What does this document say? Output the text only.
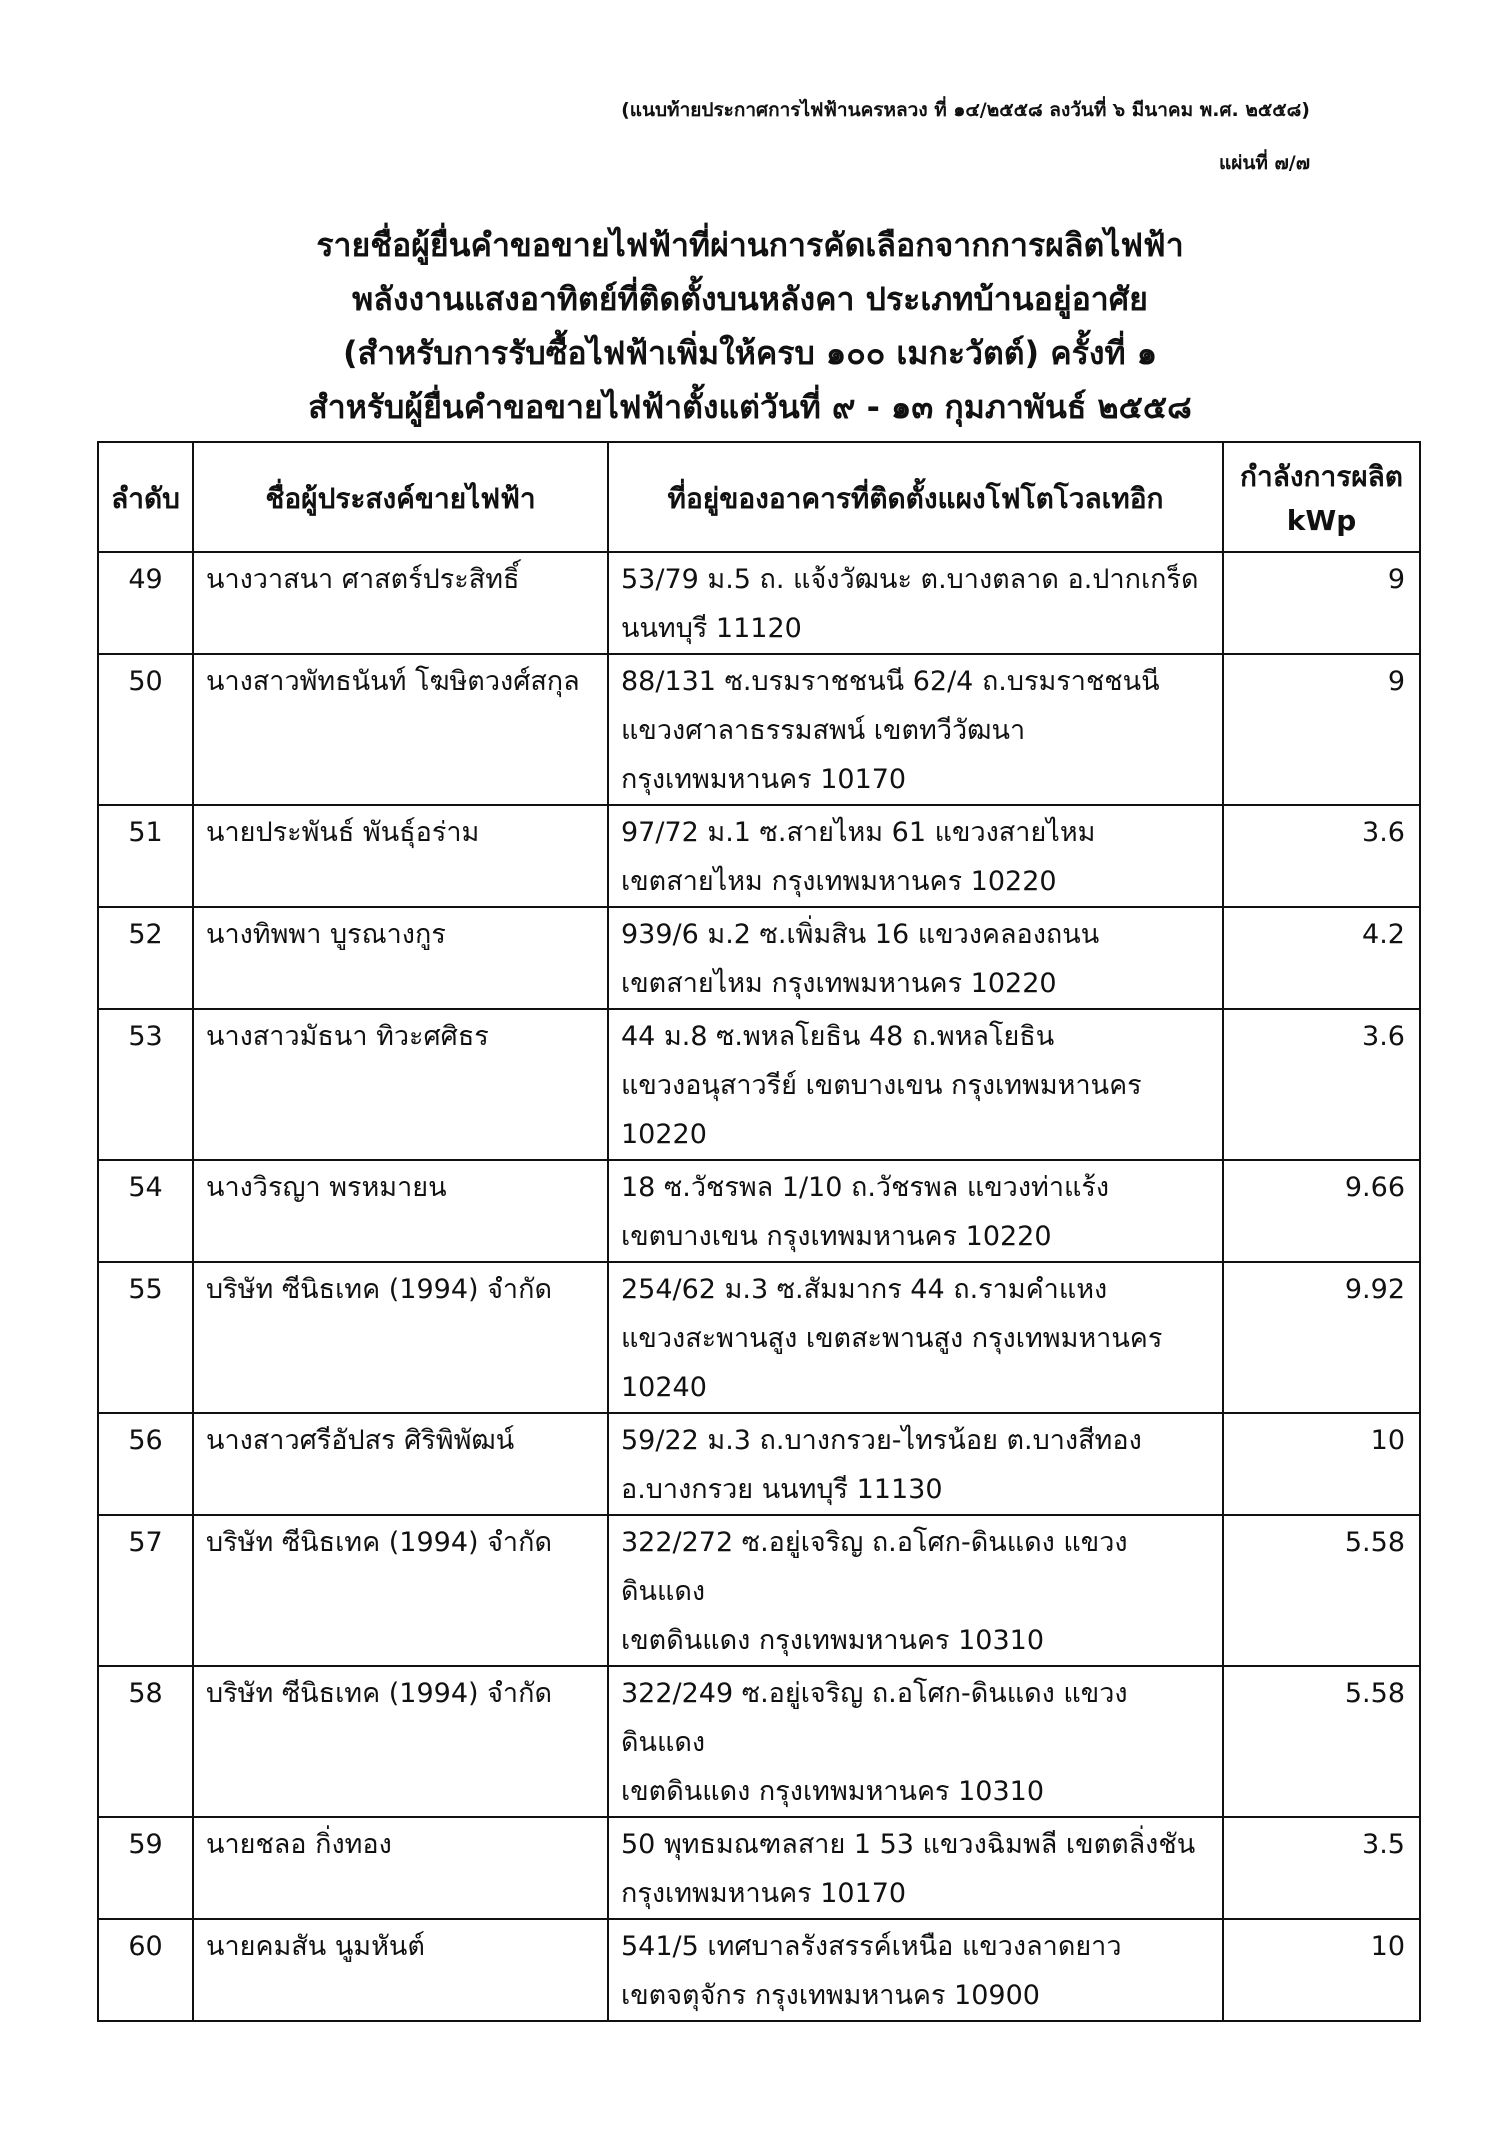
(แนบท้ายประกาศการไฟฟ้านครหลวง ที่ ๑๔/๒๕๕๘ ลงวันที่ ๖ มีนาคม พ.ศ. ๒๕๕๘)
แผ่นที่ ๗/๗
รายชื่อผู้ยื่นคำขอขายไฟฟ้าที่ผ่านการคัดเลือกจากการผลิตไฟฟ้า
พลังงานแสงอาทิตย์ที่ติดตั้งบนหลังคา ประเภทบ้านอยู่อาศัย
(สำหรับการรับซื้อไฟฟ้าเพิ่มให้ครบ ๑๐๐ เมกะวัตต์) ครั้งที่ ๑
สำหรับผู้ยื่นคำขอขายไฟฟ้าตั้งแต่วันที่ ๙ - ๑๓ กุมภาพันธ์ ๒๕๕๘
ลำดับ	ชื่อผู้ประสงค์ขายไฟฟ้า	ที่อยู่ของอาคารที่ติดตั้งแผงโฟโตโวลเทอิก	กำลังการผลิต
kWp

49	นางวาสนา ศาสตร์ประสิทธิ์	53/79 ม.5 ถ. แจ้งวัฒนะ ต.บางตลาด อ.ปากเกร็ด
นนทบุรี 11120	9
50	นางสาวพัทธนันท์ โฆษิตวงศ์สกุล	88/131 ซ.บรมราชชนนี 62/4 ถ.บรมราชชนนี
แขวงศาลาธรรมสพน์ เขตทวีวัฒนา
กรุงเทพมหานคร 10170	9
51	นายประพันธ์ พันธุ์อร่าม	97/72 ม.1 ซ.สายไหม 61 แขวงสายไหม
เขตสายไหม กรุงเทพมหานคร 10220	3.6
52	นางทิพพา บูรณางกูร	939/6 ม.2 ซ.เพิ่มสิน 16 แขวงคลองถนน
เขตสายไหม กรุงเทพมหานคร 10220	4.2
53	นางสาวมัธนา ทิวะศศิธร	44 ม.8 ซ.พหลโยธิน 48 ถ.พหลโยธิน
แขวงอนุสาวรีย์ เขตบางเขน กรุงเทพมหานคร
10220	3.6
54	นางวิรญา พรหมายน	18 ซ.วัชรพล 1/10 ถ.วัชรพล แขวงท่าแร้ง
เขตบางเขน กรุงเทพมหานคร 10220	9.66
55	บริษัท ซีนิธเทค (1994) จำกัด	254/62 ม.3 ซ.สัมมากร 44 ถ.รามคำแหง
แขวงสะพานสูง เขตสะพานสูง กรุงเทพมหานคร
10240	9.92
56	นางสาวศรีอัปสร ศิริพิพัฒน์	59/22 ม.3 ถ.บางกรวย-ไทรน้อย ต.บางสีทอง
อ.บางกรวย นนทบุรี 11130	10
57	บริษัท ซีนิธเทค (1994) จำกัด	322/272 ซ.อยู่เจริญ ถ.อโศก-ดินแดง แขวงดินแดง
เขตดินแดง กรุงเทพมหานคร 10310	5.58
58	บริษัท ซีนิธเทค (1994) จำกัด	322/249 ซ.อยู่เจริญ ถ.อโศก-ดินแดง แขวงดินแดง
เขตดินแดง กรุงเทพมหานคร 10310	5.58
59	นายชลอ กิ่งทอง	50 พุทธมณฑลสาย 1 53 แขวงฉิมพลี เขตตลิ่งชัน
กรุงเทพมหานคร 10170	3.5
60	นายคมสัน นูมหันต์	541/5 เทศบาลรังสรรค์เหนือ แขวงลาดยาว
เขตจตุจักร กรุงเทพมหานคร 10900	10
